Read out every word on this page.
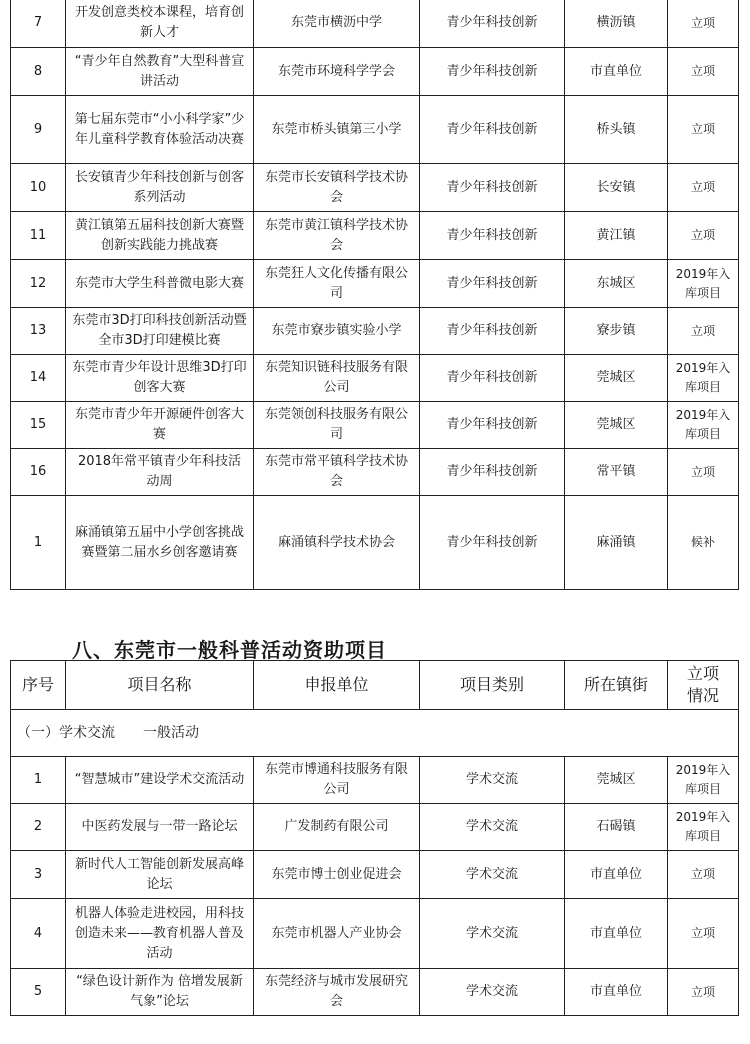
7	开发创意类校本课程，培育创新人才	东莞市横沥中学	青少年科技创新	横沥镇	立项
8	“青少年自然教育”大型科普宣讲活动	东莞市环境科学学会	青少年科技创新	市直单位	立项
9	第七届东莞市“小小科学家”少年儿童科学教育体验活动决赛	东莞市桥头镇第三小学	青少年科技创新	桥头镇	立项
10	长安镇青少年科技创新与创客系列活动	东莞市长安镇科学技术协会	青少年科技创新	长安镇	立项
11	黄江镇第五届科技创新大赛暨创新实践能力挑战赛	东莞市黄江镇科学技术协会	青少年科技创新	黄江镇	立项
12	东莞市大学生科普微电影大赛	东莞狂人文化传播有限公司	青少年科技创新	东城区	2019年入库项目
13	东莞市3D打印科技创新活动暨全市3D打印建模比赛	东莞市寮步镇实验小学	青少年科技创新	寮步镇	立项
14	东莞市青少年设计思维3D打印创客大赛	东莞知识链科技服务有限公司	青少年科技创新	莞城区	2019年入库项目
15	东莞市青少年开源硬件创客大赛	东莞领创科技服务有限公司	青少年科技创新	莞城区	2019年入库项目
16	2018年常平镇青少年科技活动周	东莞市常平镇科学技术协会	青少年科技创新	常平镇	立项
1	麻涌镇第五届中小学创客挑战赛暨第二届水乡创客邀请赛	麻涌镇科学技术协会	青少年科技创新	麻涌镇	候补
八、东莞市一般科普活动资助项目
序号	项目名称	申报单位	项目类别	所在镇街	立项情况
（一）学术交流 一般活动					
1	“智慧城市”建设学术交流活动	东莞市博通科技服务有限公司	学术交流	莞城区	2019年入库项目
2	中医药发展与一带一路论坛	广发制药有限公司	学术交流	石碣镇	2019年入库项目
3	新时代人工智能创新发展高峰论坛	东莞市博士创业促进会	学术交流	市直单位	立项
4	机器人体验走进校园，用科技创造未来——教育机器人普及活动	东莞市机器人产业协会	学术交流	市直单位	立项
5	“绿色设计新作为 倍增发展新气象”论坛	东莞经济与城市发展研究会	学术交流	市直单位	立项
